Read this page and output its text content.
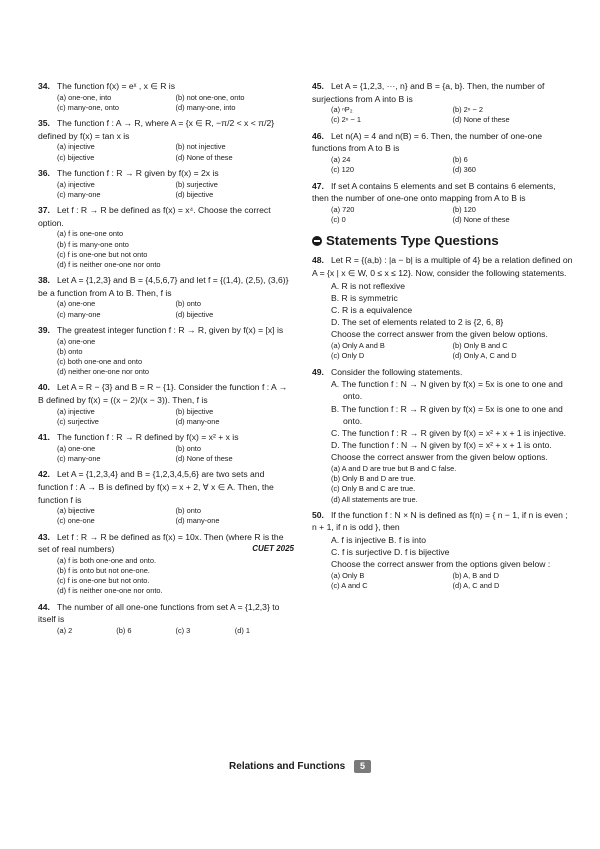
34. The function f(x) = eˣ , x ∈ R is
(a) one-one, into	(b) not one-one, onto
(c) many-one, onto	(d) many-one, into
35. The function f : A → R, where A = {x ∈ R, −π/2 < x < π/2} defined by f(x) = tan x is
(a) injective	(b) not injective
(c) bijective	(d) None of these
36. The function f : R → R given by f(x) = 2x is
(a) injective	(b) surjective
(c) many-one	(d) bijective
37. Let f : R → R be defined as f(x) = x⁴. Choose the correct option.
(a) f is one-one onto
(b) f is many-one onto
(c) f is one-one but not onto
(d) f is neither one-one nor onto
38. Let A = {1,2,3} and B = {4,5,6,7} and let f = {(1,4), (2,5), (3,6)} be a function from A to B. Then, f is
(a) one-one	(b) onto
(c) many-one	(d) bijective
39. The greatest integer function f : R → R, given by f(x) = [x] is
(a) one-one
(b) onto
(c) both one-one and onto
(d) neither one-one nor onto
40. Let A = R − {3} and B = R − {1}. Consider the function f : A → B defined by f(x) = ((x − 2)/(x − 3)). Then, f is
(a) injective	(b) bijective
(c) surjective	(d) many-one
41. The function f : R → R defined by f(x) = x² + x is
(a) one-one	(b) onto
(c) many-one	(d) None of these
42. Let A = {1,2,3,4} and B = {1,2,3,4,5,6} are two sets and function f : A → B is defined by f(x) = x + 2, ∀ x ∈ A. Then, the function f is
(a) bijective	(b) onto
(c) one-one	(d) many-one
43. Let f : R → R be defined as f(x) = 10x. Then (where R is the set of real numbers)	CUET 2025
(a) f is both one-one and onto.
(b) f is onto but not one-one.
(c) f is one-one but not onto.
(d) f is neither one-one nor onto.
44. The number of all one-one functions from set A = {1,2,3} to itself is
(a) 2	(b) 6	(c) 3	(d) 1
45. Let A = {1,2,3, ···, n} and B = {a, b}. Then, the number of surjections from A into B is
(a) ⁿP₂	(b) 2ⁿ − 2
(c) 2ⁿ − 1	(d) None of these
46. Let n(A) = 4 and n(B) = 6. Then, the number of one-one functions from A to B is
(a) 24	(b) 6
(c) 120	(d) 360
47. If set A contains 5 elements and set B contains 6 elements, then the number of one-one onto mapping from A to B is
(a) 720	(b) 120
(c) 0	(d) None of these
Statements Type Questions
48. Let R = {(a,b) : |a − b| is a multiple of 4} be a relation defined on A = {x | x ∈ W, 0 ≤ x ≤ 12}. Now, consider the following statements.
A. R is not reflexive
B. R is symmetric
C. R is a equivalence
D. The set of elements related to 2 is {2, 6, 8}
Choose the correct answer from the given below options.
(a) Only A and B	(b) Only B and C
(c) Only D	(d) Only A, C and D
49. Consider the following statements.
A. The function f : N → N given by f(x) = 5x is one to one and onto.
B. The function f : R → R given by f(x) = 5x is one to one and onto.
C. The function f : R → R given by f(x) = x² + x + 1 is injective.
D. The function f : N → N given by f(x) = x² + x + 1 is onto.
Choose the correct answer from the given below options.
(a) A and D are true but B and C false.
(b) Only B and D are true.
(c) Only B and C are true.
(d) All statements are true.
50. If the function f : N × N is defined as f(n) = { n − 1, if n is even ; n + 1, if n is odd }, then
A. f is injective B. f is into
C. f is surjective D. f is bijective
Choose the correct answer from the options given below :
(a) Only B	(b) A, B and D
(c) A and C	(d) A, C and D
Relations and Functions 5
